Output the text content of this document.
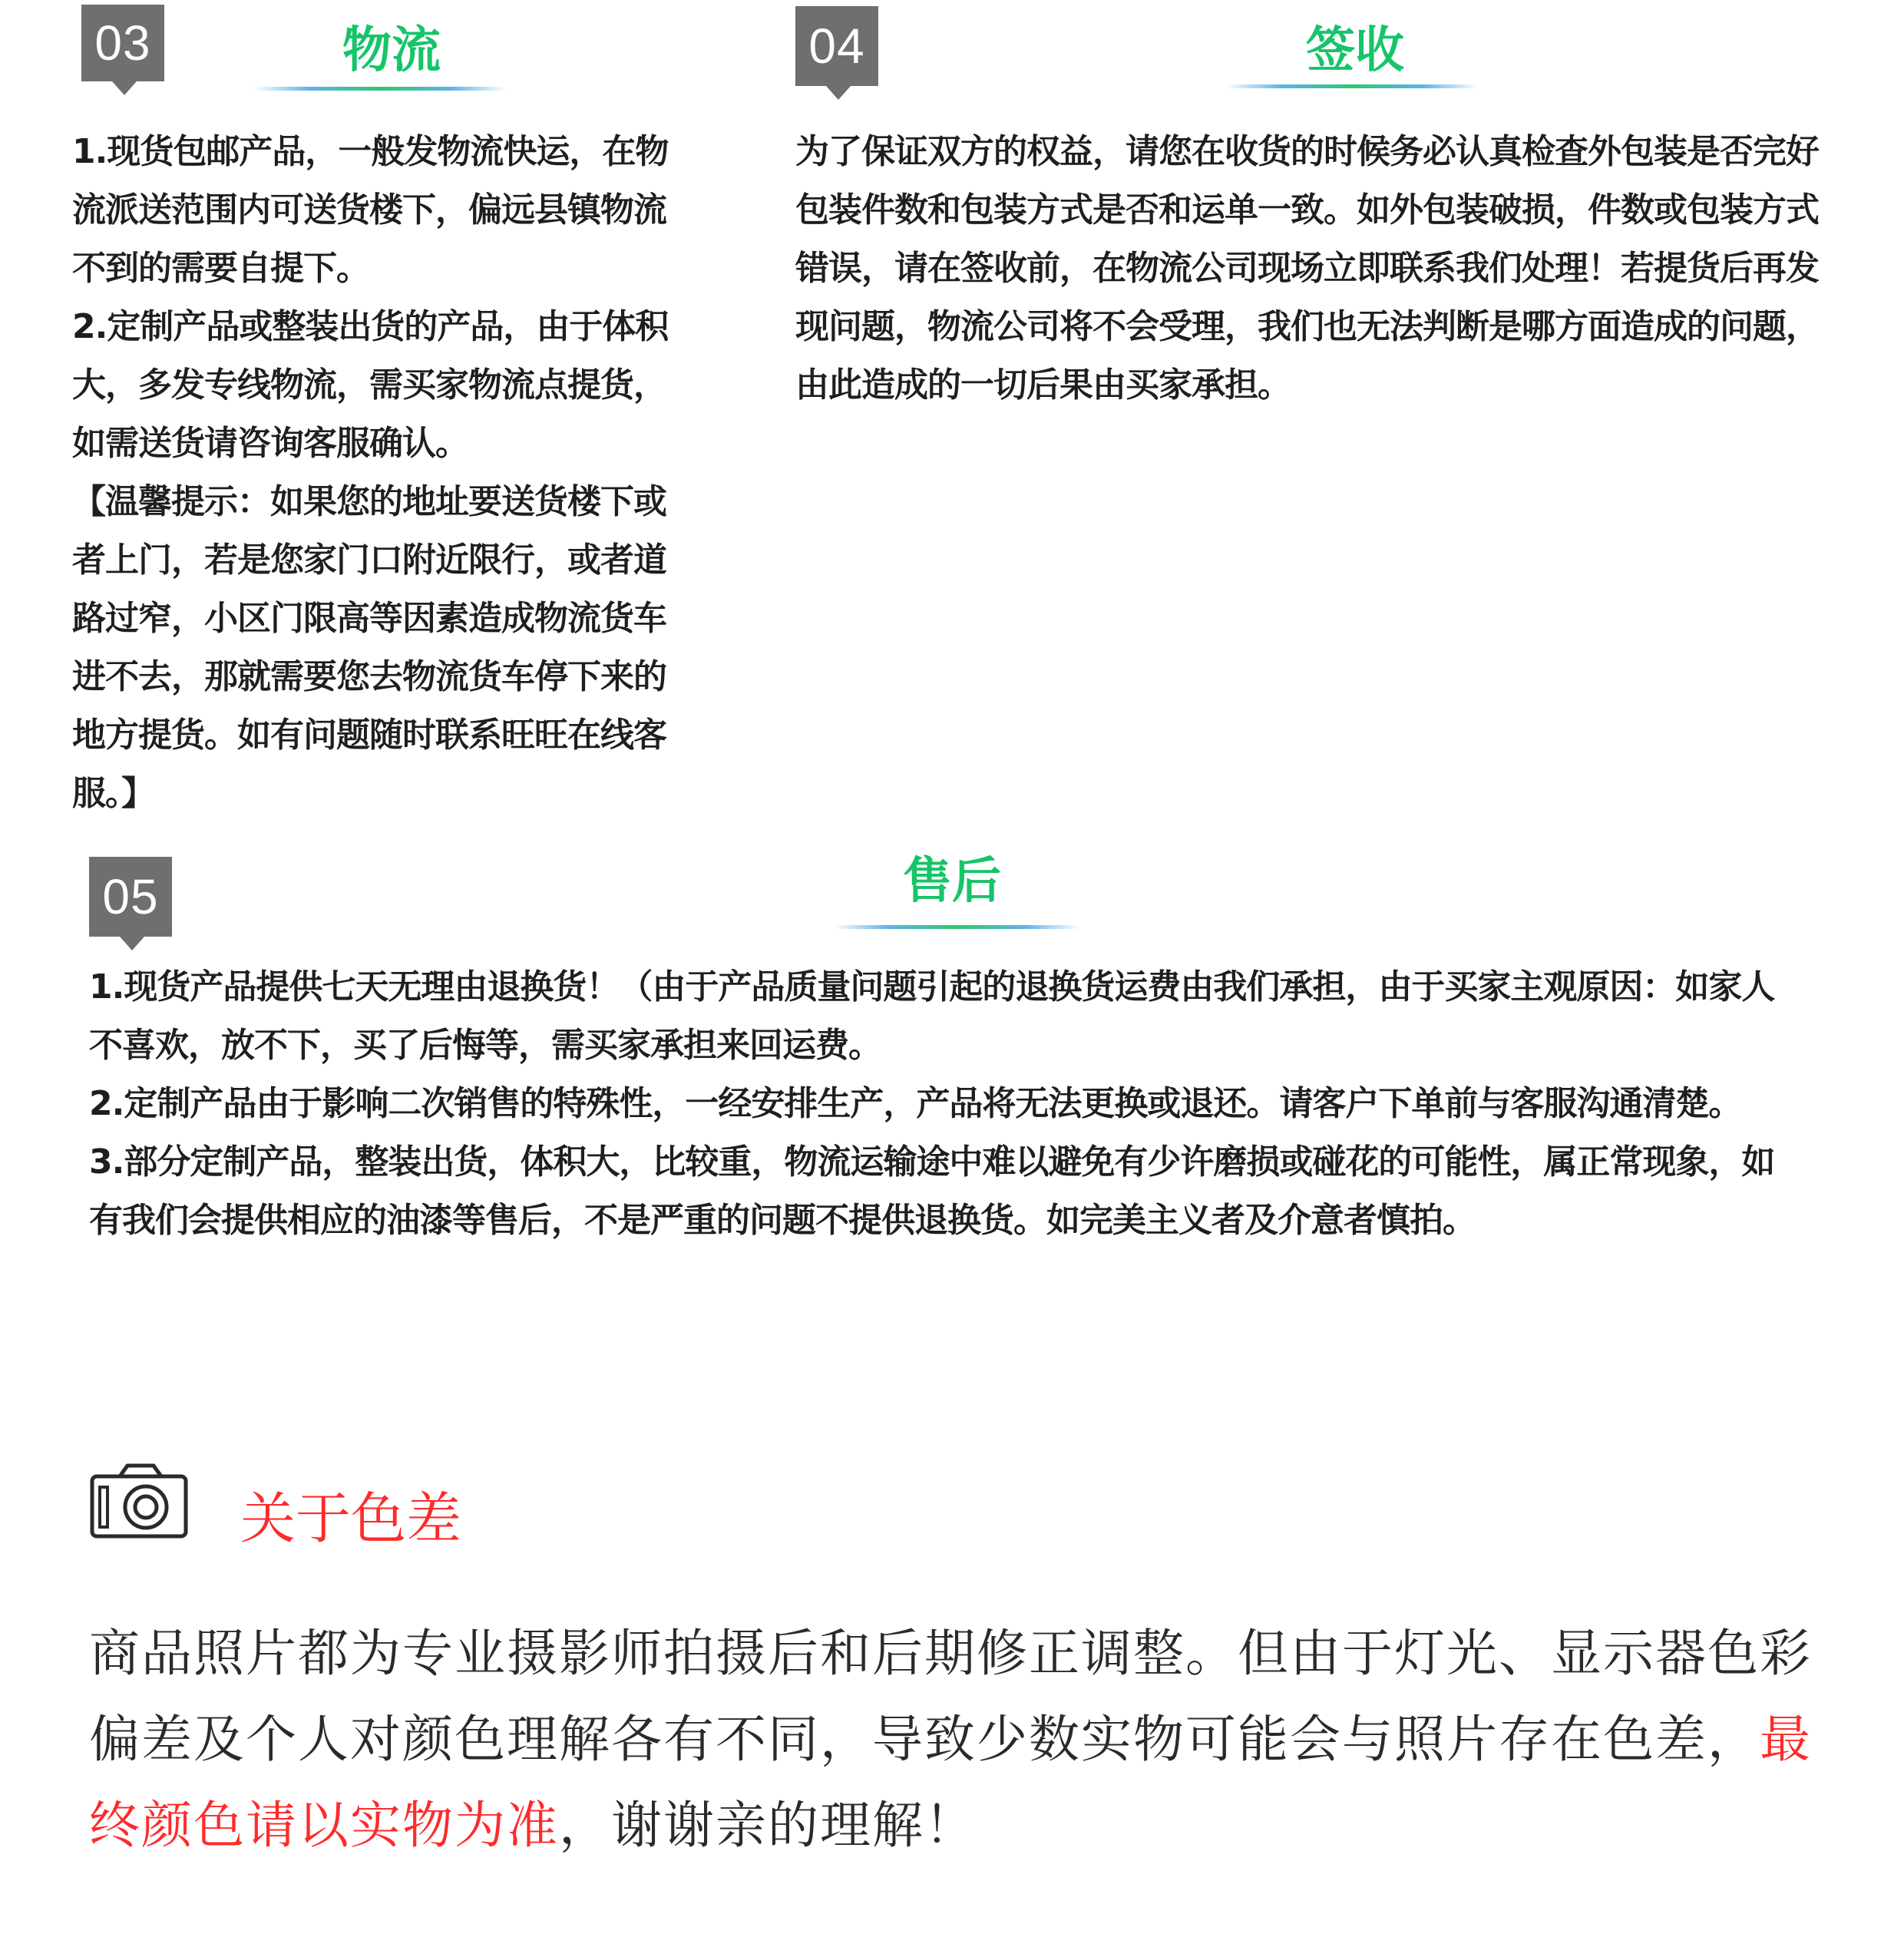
03	物流

1.现货包邮产品，一般发物流快运，在物流派送范围内可送货楼下，偏远县镇物流不到的需要自提下。

2.定制产品或整装出货的产品，由于体积大，多发专线物流，需买家物流点提货，如需送货请咨询客服确认。

【温馨提示：如果您的地址要送货楼下或者上门，若是您家门口附近限行，或者道路过窄，小区门限高等因素造成物流货车进不去，那就需要您去物流货车停下来的地方提货。如有问题随时联系旺旺在线客服。】

04	签收

为了保证双方的权益，请您在收货的时候务必认真检查外包装是否完好包装件数和包装方式是否和运单一致。如外包装破损，件数或包装方式错误，请在签收前，在物流公司现场立即联系我们处理！若提货后再发现问题，物流公司将不会受理，我们也无法判断是哪方面造成的问题，由此造成的一切后果由买家承担。

05	售后

1.现货产品提供七天无理由退换货！（由于产品质量问题引起的退换货运费由我们承担，由于买家主观原因：如家人不喜欢，放不下，买了后悔等，需买家承担来回运费。

2.定制产品由于影响二次销售的特殊性，一经安排生产，产品将无法更换或退还。请客户下单前与客服沟通清楚。

3.部分定制产品，整装出货，体积大，比较重，物流运输途中难以避免有少许磨损或碰花的可能性，属正常现象，如有我们会提供相应的油漆等售后，不是严重的问题不提供退换货。如完美主义者及介意者慎拍。

关于色差
商品照片都为专业摄影师拍摄后和后期修正调整。但由于灯光、显示器色彩偏差及个人对颜色理解各有不同，导致少数实物可能会与照片存在色差，最终颜色请以实物为准，谢谢亲的理解！
